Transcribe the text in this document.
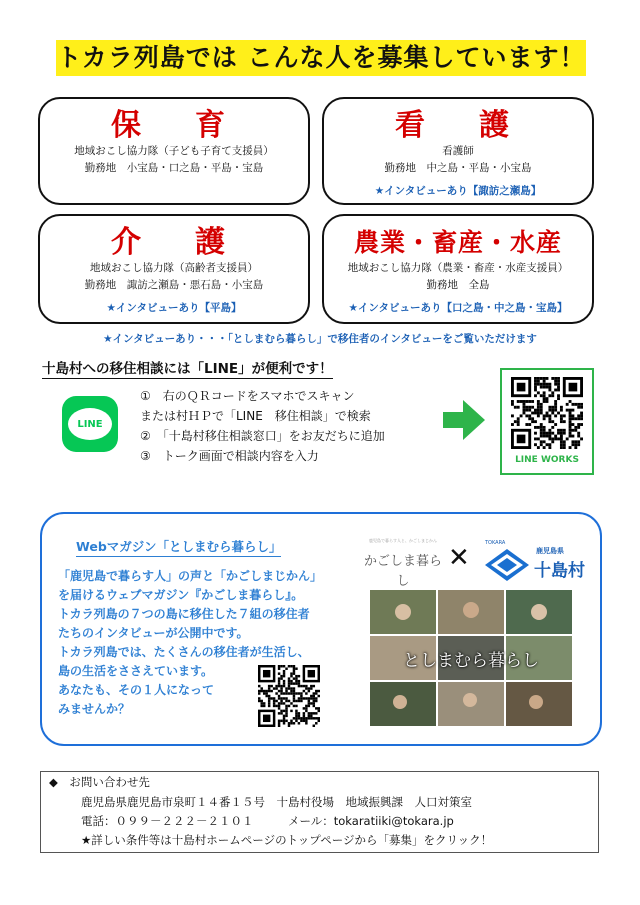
トカラ列島では こんな人を募集しています！
保　育
地域おこし協力隊（子ども子育て支援員）
勤務地　小宝島・口之島・平島・宝島
看　護
看護師
勤務地　中之島・平島・小宝島
★インタビューあり【諏訪之瀬島】
介　護
地域おこし協力隊（高齢者支援員）
勤務地　諏訪之瀬島・悪石島・小宝島
★インタビューあり【平島】
農業・畜産・水産
地域おこし協力隊（農業・畜産・水産支援員）
勤務地　全島
★インタビューあり【口之島・中之島・宝島】
★インタビューあり・・・「としまむら暮らし」で移住者のインタビューをご覧いただけます
十島村への移住相談には「LINE」が便利です！
LINE
①　右のＱＲコードをスマホでスキャン
または村ＨＰで「LINE　移住相談」で検索
②　「十島村移住相談窓口」をお友だちに追加
③　トーク画面で相談内容を入力	LINE WORKS
Webマガジン「としまむら暮らし」
「鹿児島で暮らす人」の声と「かごしまじかん」
を届けるウェブマガジン『かごしま暮らし』。
トカラ列島の７つの島に移住した７組の移住者
たちのインタビューが公開中です。
トカラ列島では、たくさんの移住者が生活し、
島の生活をささえています。
あなたも、その１人になって
みませんか？
鹿児島で暮らす人と、かごしまじかん
かごしま暮らし
✕	TOKARA
鹿児島県
十島村
としまむら暮らし
◆　お問い合わせ先
鹿児島県鹿児島市泉町１４番１５号　十島村役場　地域振興課　人口対策室
電話：０９９－２２２－２１０１　　　メール：tokaratiiki@tokara.jp
★詳しい条件等は十島村ホームページのトップページから「募集」をクリック！
